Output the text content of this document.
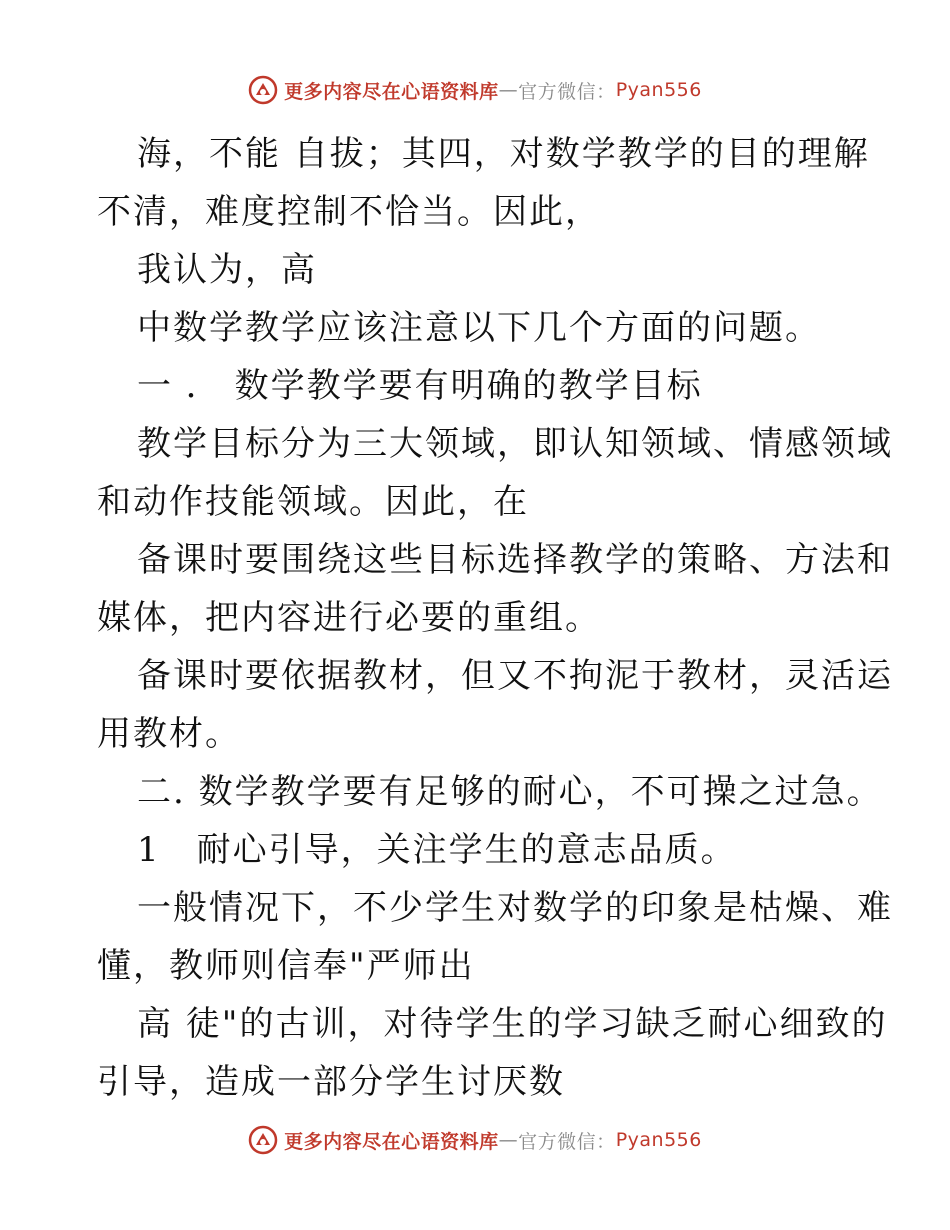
更多内容尽在心语资料库 — 官方微信： Pyan556
海，不能 自拔；其四，对数学教学的目的理解
不清，难度控制不恰当。因此，
我认为，高
中数学教学应该注意以下几个方面的问题。
一 ． 数学教学要有明确的教学目标
教学目标分为三大领域，即认知领域、情感领域
和动作技能领域。因此，在
备课时要围绕这些目标选择教学的策略、方法和
媒体，把内容进行必要的重组。
备课时要依据教材，但又不拘泥于教材，灵活运
用教材。
二. 数学教学要有足够的耐心，不可操之过急。
1　耐心引导，关注学生的意志品质。
一般情况下，不少学生对数学的印象是枯燥、难
懂，教师则信奉"严师出
高 徒"的古训，对待学生的学习缺乏耐心细致的
引导，造成一部分学生讨厌数
更多内容尽在心语资料库 — 官方微信： Pyan556
